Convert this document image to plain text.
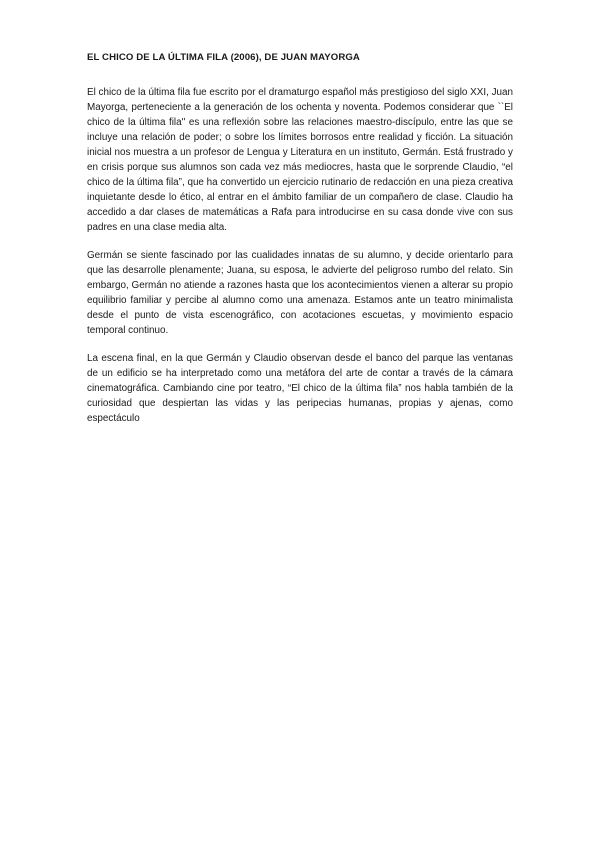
EL CHICO DE LA ÚLTIMA FILA (2006), DE JUAN MAYORGA

El chico de la última fila fue escrito por el dramaturgo español más prestigioso del siglo XXI, Juan Mayorga, perteneciente a la generación de los ochenta y noventa. Podemos considerar que ``El chico de la última fila'' es una reflexión sobre las relaciones maestro-discípulo, entre las que se incluye una relación de poder; o sobre los límites borrosos entre realidad y ficción. La situación inicial nos muestra a un profesor de Lengua y Literatura en un instituto, Germán. Está frustrado y en crisis porque sus alumnos son cada vez más mediocres, hasta que le sorprende Claudio, “el chico de la última fila”, que ha convertido un ejercicio rutinario de redacción en una pieza creativa inquietante desde lo ético, al entrar en el ámbito familiar de un compañero de clase. Claudio ha accedido a dar clases de matemáticas a Rafa para introducirse en su casa donde vive con sus padres en una clase media alta.

Germán se siente fascinado por las cualidades innatas de su alumno, y decide orientarlo para que las desarrolle plenamente; Juana, su esposa, le advierte del peligroso rumbo del relato. Sin embargo, Germán no atiende a razones hasta que los acontecimientos vienen a alterar su propio equilibrio familiar y percibe al alumno como una amenaza. Estamos ante un teatro minimalista desde el punto de vista escenográfico, con acotaciones escuetas, y movimiento espacio temporal continuo.

La escena final, en la que Germán y Claudio observan desde el banco del parque las ventanas de un edificio se ha interpretado como una metáfora del arte de contar a través de la cámara cinematográfica. Cambiando cine por teatro, “El chico de la última fila” nos habla también de la curiosidad que despiertan las vidas y las peripecias humanas, propias y ajenas, como espectáculo
